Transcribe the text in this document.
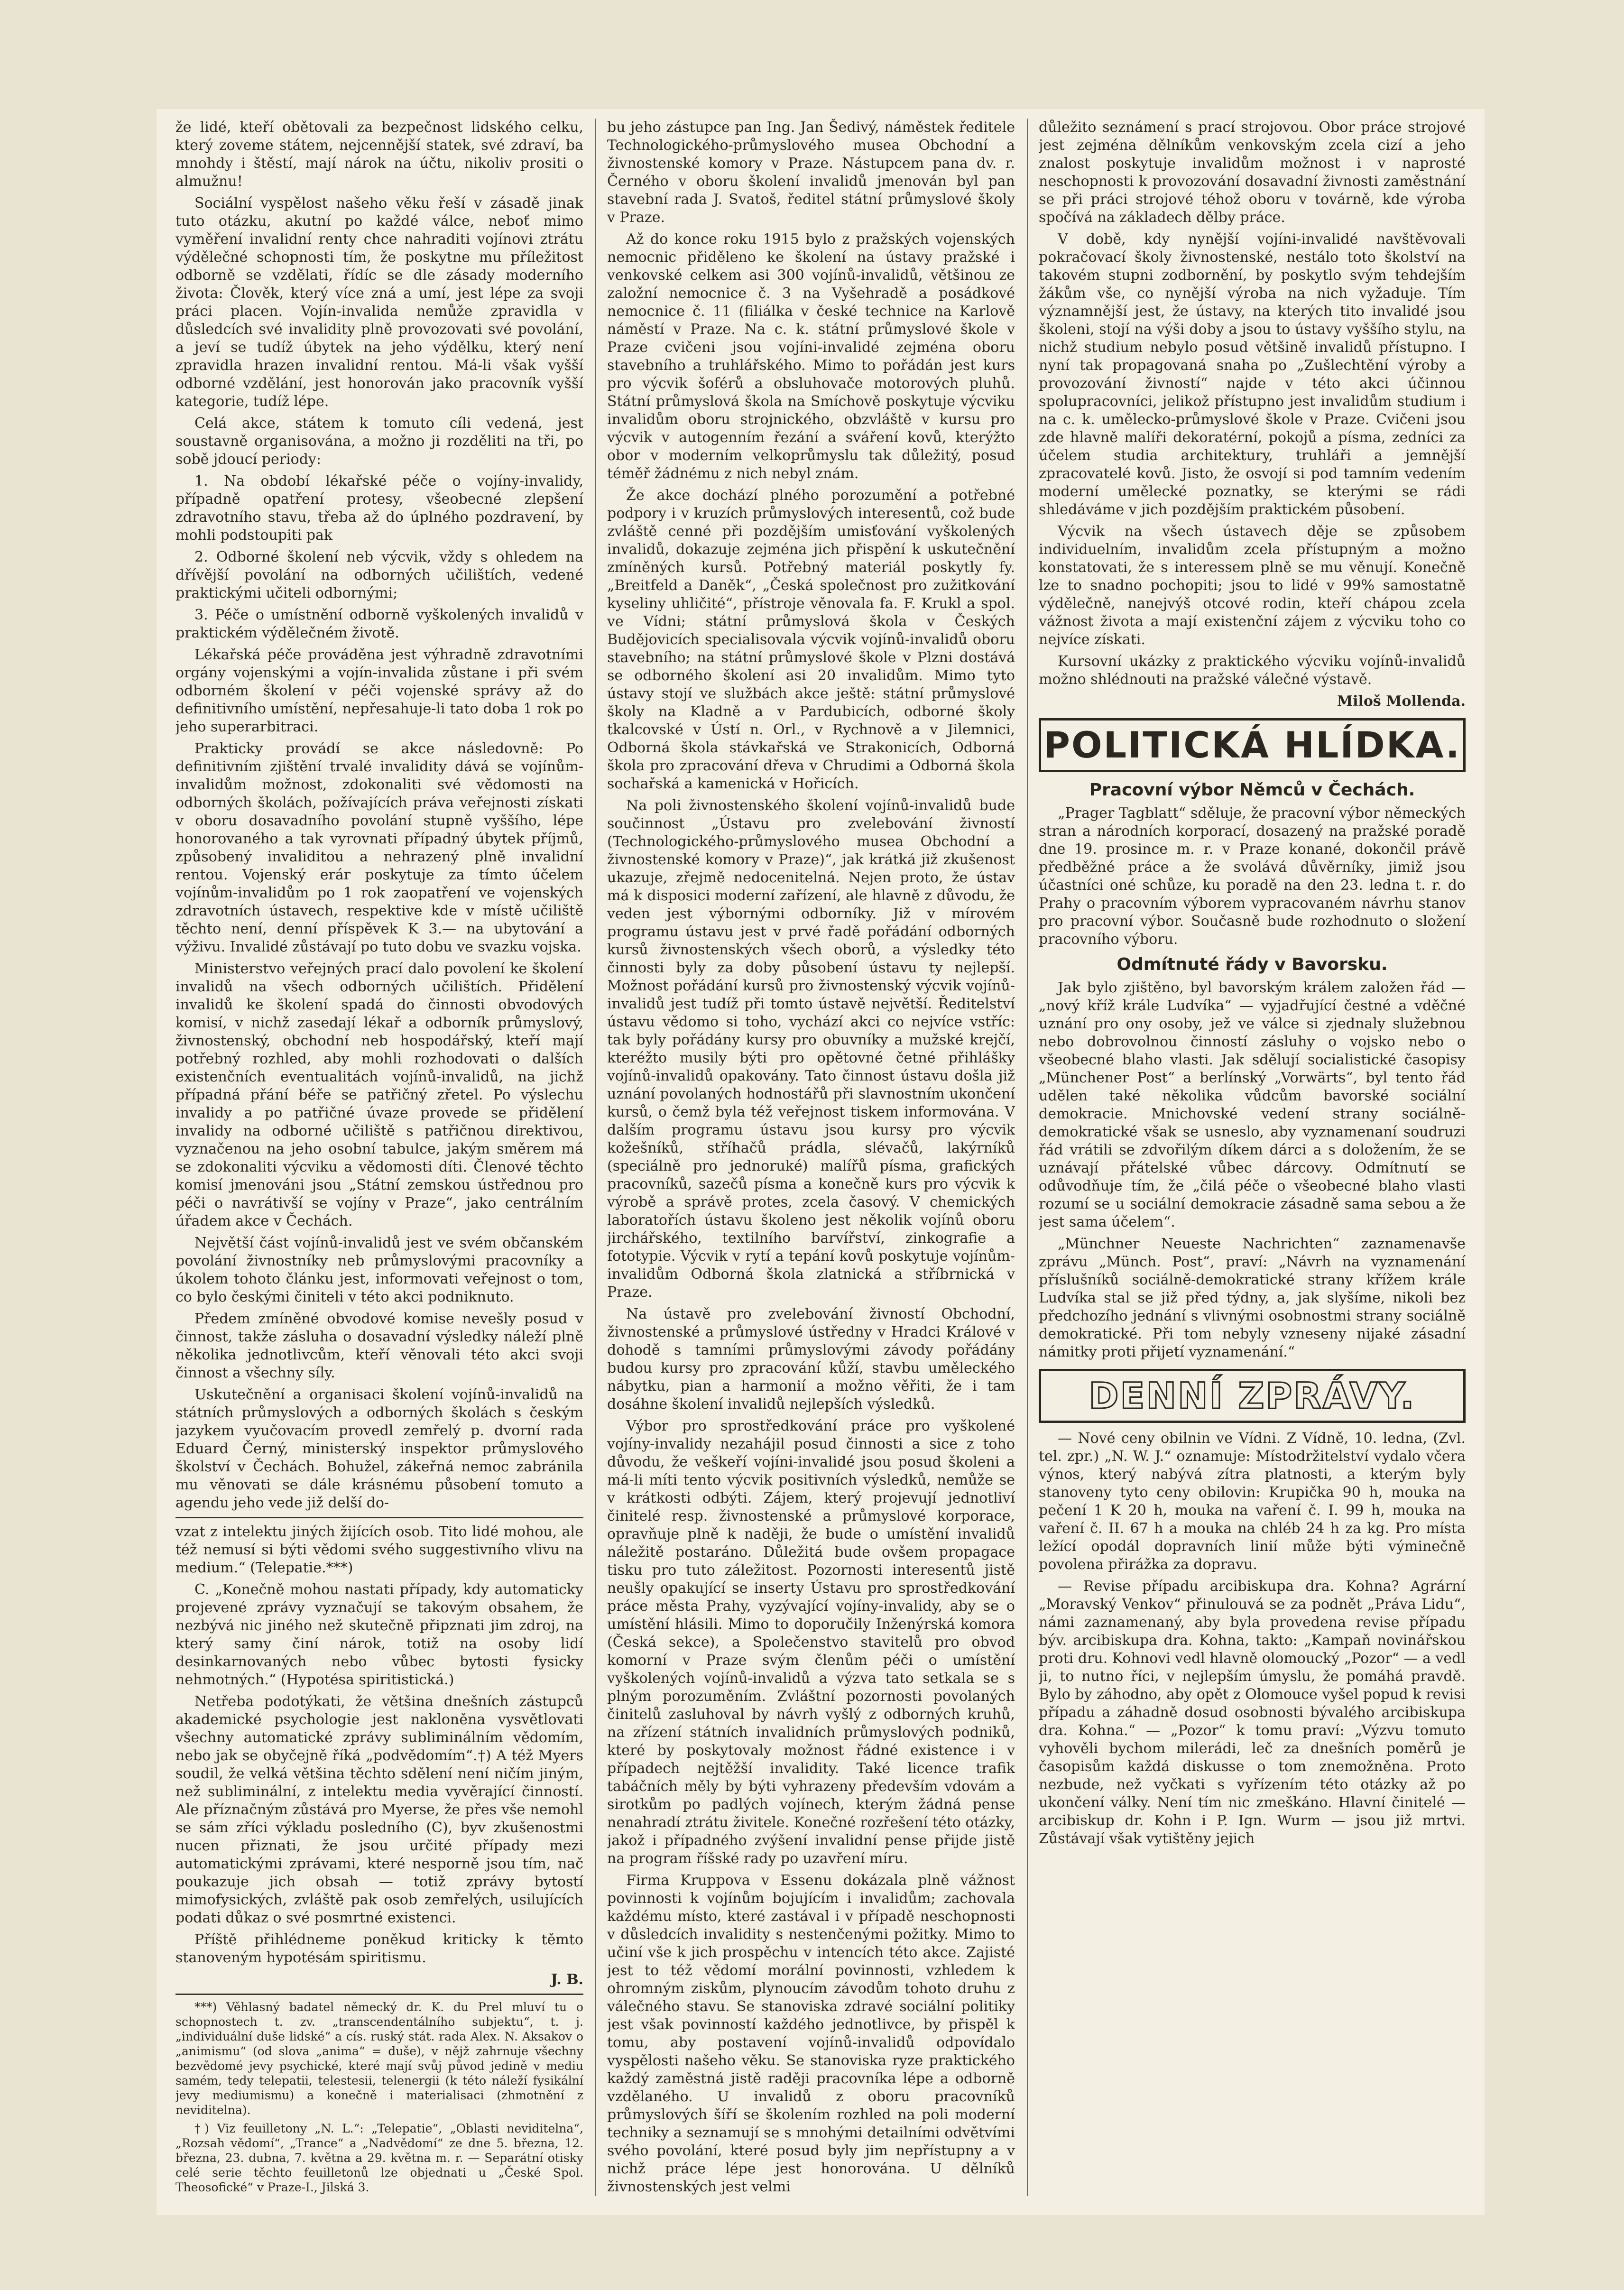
že lidé, kteří obětovali za bezpečnost lidského celku, který zoveme státem, nejcennější statek, své zdraví, ba mnohdy i štěstí, mají nárok na účtu, nikoliv prositi o almužnu!

Sociální vyspělost našeho věku řeší v zásadě jinak tuto otázku, akutní po každé válce, neboť mimo vyměření invalidní renty chce nahraditi vojínovi ztrátu výdělečné schopnosti tím, že poskytne mu příležitost odborně se vzdělati, řídíc se dle zásady moderního života: Člověk, který více zná a umí, jest lépe za svoji práci placen. Vojín-invalida nemůže zpravidla v důsledcích své invalidity plně provozovati své povolání, a jeví se tudíž úbytek na jeho výdělku, který není zpravidla hrazen invalidní rentou. Má-li však vyšší odborné vzdělání, jest honorován jako pracovník vyšší kategorie, tudíž lépe.

Celá akce, státem k tomuto cíli vedená, jest soustavně organisována, a možno ji rozděliti na tři, po sobě jdoucí periody:

1. Na období lékařské péče o vojíny-invalidy, případně opatření protesy, všeobecné zlepšení zdravotního stavu, třeba až do úplného pozdravení, by mohli podstoupiti pak

2. Odborné školení neb výcvik, vždy s ohledem na dřívější povolání na odborných učilištích, vedené praktickými učiteli odbornými;

3. Péče o umístnění odborně vyškolených invalidů v praktickém výdělečném životě.

Lékařská péče prováděna jest výhradně zdravotními orgány vojenskými a vojín-invalida zůstane i při svém odborném školení v péči vojenské správy až do definitivního umístění, nepřesahuje-li tato doba 1 rok po jeho superarbitraci.

Prakticky provádí se akce následovně: Po definitivním zjištění trvalé invalidity dává se vojínům-invalidům možnost, zdokonaliti své vědomosti na odborných školách, požívajících práva veřejnosti získati v oboru dosavadního povolání stupně vyššího, lépe honorovaného a tak vyrovnati případný úbytek příjmů, způsobený invaliditou a nehrazený plně invalidní rentou. Vojenský erár poskytuje za tímto účelem vojínům-invalidům po 1 rok zaopatření ve vojenských zdravotních ústavech, respektive kde v místě učiliště těchto není, denní příspěvek K 3.— na ubytování a výživu. Invalidé zůstávají po tuto dobu ve svazku vojska.

Ministerstvo veřejných prací dalo povolení ke školení invalidů na všech odborných učilištích. Přidělení invalidů ke školení spadá do činnosti obvodových komisí, v nichž zasedají lékař a odborník průmyslový, živnostenský, obchodní neb hospodářský, kteří mají potřebný rozhled, aby mohli rozhodovati o dalších existenčních eventualitách vojínů-invalidů, na jichž případná přání béře se patřičný zřetel. Po výslechu invalidy a po patřičné úvaze provede se přidělení invalidy na odborné učiliště s patřičnou direktivou, vyznačenou na jeho osobní tabulce, jakým směrem má se zdokonaliti výcviku a vědomosti díti. Členové těchto komisí jmenováni jsou „Státní zemskou ústřednou pro péči o navrátivší se vojíny v Praze“, jako centrálním úřadem akce v Čechách.

Největší část vojínů-invalidů jest ve svém občanském povolání živnostníky neb průmyslovými pracovníky a úkolem tohoto článku jest, informovati veřejnost o tom, co bylo českými činiteli v této akci podniknuto.

Předem zmíněné obvodové komise nevešly posud v činnost, takže zásluha o dosavadní výsledky náleží plně několika jednotlivcům, kteří věnovali této akci svoji činnost a všechny síly.

Uskutečnění a organisaci školení vojínů-invalidů na státních průmyslových a odborných školách s českým jazykem vyučovacím provedl zemřelý p. dvorní rada Eduard Černý, ministerský inspektor průmyslového školství v Čechách. Bohužel, zákeřná nemoc zabránila mu věnovati se dále krásnému působení tomuto a agendu jeho vede již delší do-

vzat z intelektu jiných žijících osob. Tito lidé mohou, ale též nemusí si býti vědomi svého suggestivního vlivu na medium.“ (Telepatie.***)

C. „Konečně mohou nastati případy, kdy automaticky projevené zprávy vyznačují se takovým obsahem, že nezbývá nic jiného než skutečně připznati jim zdroj, na který samy činí nárok, totiž na osoby lidí desinkarnovaných nebo vůbec bytosti fysicky nehmotných.“ (Hypotésa spiritistická.)

Netřeba podotýkati, že většina dnešních zástupců akademické psychologie jest nakloněna vysvětlovati všechny automatické zprávy subliminálním vědomím, nebo jak se obyčejně říká „podvědomím“.†) A též Myers soudil, že velká většina těchto sdělení není ničím jiným, než subliminální, z intelektu media vyvěrající činností. Ale příznačným zůstává pro Myerse, že přes vše nemohl se sám zříci výkladu posledního (C), byv zkušenostmi nucen přiznati, že jsou určité případy mezi automatickými zprávami, které nesporně jsou tím, nač poukazuje jich obsah — totiž zprávy bytostí mimofysických, zvláště pak osob zemřelých, usilujících podati důkaz o své posmrtné existenci.

Příště přihlédneme poněkud kriticky k těmto stanoveným hypotésám spiritismu.

J. B.

***) Věhlasný badatel německý dr. K. du Prel mluví tu o schopnostech t. zv. „transcendentálního subjektu“, t. j. „individuální duše lidské“ a cís. ruský stát. rada Alex. N. Aksakov o „animismu“ (od slova „anima“ = duše), v nějž zahrnuje všechny bezvědomé jevy psychické, které mají svůj původ jedině v mediu samém, tedy telepatii, telestesii, telenergii (k této náleží fysikální jevy mediumismu) a konečně i materialisaci (zhmotnění z neviditelna).

†) Viz feuilletony „N. L.“: „Telepatie“, „Oblasti neviditelna“, „Rozsah vědomí“, „Trance“ a „Nadvědomí“ ze dne 5. března, 12. března, 23. dubna, 7. května a 29. května m. r. — Separátní otisky celé serie těchto feuilletonů lze objednati u „České Spol. Theosofické“ v Praze-I., Jilská 3.

bu jeho zástupce pan Ing. Jan Šedivý, náměstek ředitele Technologického-průmyslového musea Obchodní a živnostenské komory v Praze. Nástupcem pana dv. r. Černého v oboru školení invalidů jmenován byl pan stavební rada J. Svatoš, ředitel státní průmyslové školy v Praze.

Až do konce roku 1915 bylo z pražských vojenských nemocnic přiděleno ke školení na ústavy pražské i venkovské celkem asi 300 vojínů-invalidů, většinou ze založní nemocnice č. 3 na Vyšehradě a posádkové nemocnice č. 11 (filiálka v české technice na Karlově náměstí v Praze. Na c. k. státní průmyslové škole v Praze cvičeni jsou vojíni-invalidé zejména oboru stavebního a truhlářského. Mimo to pořádán jest kurs pro výcvik šoférů a obsluhovače motorových pluhů. Státní průmyslová škola na Smíchově poskytuje výcviku invalidům oboru strojnického, obzvláště v kursu pro výcvik v autogenním řezání a sváření kovů, kterýžto obor v moderním velkoprůmyslu tak důležitý, posud téměř žádnému z nich nebyl znám.

Že akce dochází plného porozumění a potřebné podpory i v kruzích průmyslových interesentů, což bude zvláště cenné při pozdějším umisťování vyškolených invalidů, dokazuje zejména jich přispění k uskutečnění zmíněných kursů. Potřebný materiál poskytly fy. „Breitfeld a Daněk“, „Česká společnost pro zužitkování kyseliny uhličité“, přístroje věnovala fa. F. Krukl a spol. ve Vídni; státní průmyslová škola v Českých Budějovicích specialisovala výcvik vojínů-invalidů oboru stavebního; na státní průmyslové škole v Plzni dostává se odborného školení asi 20 invalidům. Mimo tyto ústavy stojí ve službách akce ještě: státní průmyslové školy na Kladně a v Pardubicích, odborné školy tkalcovské v Ústí n. Orl., v Rychnově a v Jilemnici, Odborná škola stávkařská ve Strakonicích, Odborná škola pro zpracování dřeva v Chrudimi a Odborná škola sochařská a kamenická v Hořicích.

Na poli živnostenského školení vojínů-invalidů bude součinnost „Ústavu pro zvelebování živností (Technologického-průmyslového musea Obchodní a živnostenské komory v Praze)“, jak krátká již zkušenost ukazuje, zřejmě nedocenitelná. Nejen proto, že ústav má k disposici moderní zařízení, ale hlavně z důvodu, že veden jest výbornými odborníky. Již v mírovém programu ústavu jest v prvé řadě pořádání odborných kursů živnostenských všech oborů, a výsledky této činnosti byly za doby působení ústavu ty nejlepší. Možnost pořádání kursů pro živnostenský výcvik vojínů-invalidů jest tudíž při tomto ústavě největší. Ředitelství ústavu vědomo si toho, vychází akci co nejvíce vstříc: tak byly pořádány kursy pro obuvníky a mužské krejčí, kteréžto musily býti pro opětovné četné přihlášky vojínů-invalidů opakovány. Tato činnost ústavu došla již uznání povolaných hodnostářů při slavnostním ukončení kursů, o čemž byla též veřejnost tiskem informována. V dalším programu ústavu jsou kursy pro výcvik kožešníků, stříhačů prádla, slévačů, lakýrníků (speciálně pro jednoruké) malířů písma, grafických pracovníků, sazečů písma a konečně kurs pro výcvik k výrobě a správě protes, zcela časový. V chemických laboratořích ústavu školeno jest několik vojínů oboru jirchářského, textilního barvířství, zinkografie a fototypie. Výcvik v rytí a tepání kovů poskytuje vojínům-invalidům Odborná škola zlatnická a stříbrnická v Praze.

Na ústavě pro zvelebování živností Obchodní, živnostenské a průmyslové ústředny v Hradci Králové v dohodě s tamními průmyslovými závody pořádány budou kursy pro zpracování kůží, stavbu uměleckého nábytku, pian a harmonií a možno věřiti, že i tam dosáhne školení invalidů nejlepších výsledků.

Výbor pro sprostředkování práce pro vyškolené vojíny-invalidy nezahájil posud činnosti a sice z toho důvodu, že veškeří vojíni-invalidé jsou posud školeni a má-li míti tento výcvik positivních výsledků, nemůže se v krátkosti odbýti. Zájem, který projevují jednotliví činitelé resp. živnostenské a průmyslové korporace, opravňuje plně k naději, že bude o umístění invalidů náležitě postaráno. Důležitá bude ovšem propagace tisku pro tuto záležitost. Pozornosti interesentů jistě neušly opakující se inserty Ústavu pro sprostředkování práce města Prahy, vyzývající vojíny-invalidy, aby se o umístění hlásili. Mimo to doporučily Inženýrská komora (Česká sekce), a Společenstvo stavitelů pro obvod komorní v Praze svým členům péči o umístění vyškolených vojínů-invalidů a výzva tato setkala se s plným porozuměním. Zvláštní pozornosti povolaných činitelů zasluhoval by návrh vyšlý z odborných kruhů, na zřízení státních invalidních průmyslových podniků, které by poskytovaly možnost řádné existence i v případech nejtěžší invalidity. Také licence trafik tabáčních měly by býti vyhrazeny především vdovám a sirotkům po padlých vojínech, kterým žádná pense nenahradí ztrátu živitele. Konečné rozřešení této otázky, jakož i případného zvýšení invalidní pense přijde jistě na program říšské rady po uzavření míru.

Firma Kruppova v Essenu dokázala plně vážnost povinnosti k vojínům bojujícím i invalidům; zachovala každému místo, které zastával i v případě neschopnosti v důsledcích invalidity s nestenčenými požitky. Mimo to učiní vše k jich prospěchu v intencích této akce. Zajisté jest to též vědomí morální povinnosti, vzhledem k ohromným ziskům, plynoucím závodům tohoto druhu z válečného stavu. Se stanoviska zdravé sociální politiky jest však povinností každého jednotlivce, by přispěl k tomu, aby postavení vojínů-invalidů odpovídalo vyspělosti našeho věku. Se stanoviska ryze praktického každý zaměstná jistě raději pracovníka lépe a odborně vzdělaného. U invalidů z oboru pracovníků průmyslových šíří se školením rozhled na poli moderní techniky a seznamují se s mnohými detailními odvětvími svého povolání, které posud byly jim nepřístupny a v nichž práce lépe jest honorována. U dělníků živnostenských jest velmi

důležito seznámení s prací strojovou. Obor práce strojové jest zejména dělníkům venkovským zcela cizí a jeho znalost poskytuje invalidům možnost i v naprosté neschopnosti k provozování dosavadní živnosti zaměstnání se při práci strojové téhož oboru v továrně, kde výroba spočívá na základech dělby práce.

V době, kdy nynější vojíni-invalidé navštěvovali pokračovací školy živnostenské, nestálo toto školství na takovém stupni zodbornění, by poskytlo svým tehdejším žákům vše, co nynější výroba na nich vyžaduje. Tím významnější jest, že ústavy, na kterých tito invalidé jsou školeni, stojí na výši doby a jsou to ústavy vyššího stylu, na nichž studium nebylo posud většině invalidů přístupno. I nyní tak propagovaná snaha po „Zušlechtění výroby a provozování živností“ najde v této akci účinnou spolupracovníci, jelikož přístupno jest invalidům studium i na c. k. umělecko-průmyslové škole v Praze. Cvičeni jsou zde hlavně malíři dekoratérní, pokojů a písma, zedníci za účelem studia architektury, truhláři a jemnější zpracovatelé kovů. Jisto, že osvojí si pod tamním vedením moderní umělecké poznatky, se kterými se rádi shledáváme v jich pozdějším praktickém působení.

Výcvik na všech ústavech děje se způsobem individuelním, invalidům zcela přístupným a možno konstatovati, že s interessem plně se mu věnují. Konečně lze to snadno pochopiti; jsou to lidé v 99% samostatně výdělečně, nanejvýš otcové rodin, kteří chápou zcela vážnost života a mají existenční zájem z výcviku toho co nejvíce získati.

Kursovní ukázky z praktického výcviku vojínů-invalidů možno shlédnouti na pražské válečné výstavě.

Miloš Mollenda.
POLITICKÁ HLÍDKA.
Pracovní výbor Němců v Čechách.

„Prager Tagblatt“ sděluje, že pracovní výbor německých stran a národních korporací, dosazený na pražské poradě dne 19. prosince m. r. v Praze konané, dokončil právě předběžné práce a že svolává důvěrníky, jimiž jsou účastníci oné schůze, ku poradě na den 23. ledna t. r. do Prahy o pracovním výborem vypracovaném návrhu stanov pro pracovní výbor. Současně bude rozhodnuto o složení pracovního výboru.

Odmítnuté řády v Bavorsku.

Jak bylo zjištěno, byl bavorským králem založen řád — „nový kříž krále Ludvíka“ — vyjadřující čestné a vděčné uznání pro ony osoby, jež ve válce si zjednaly služebnou nebo dobrovolnou činností zásluhy o vojsko nebo o všeobecné blaho vlasti. Jak sdělují socialistické časopisy „Münchener Post“ a berlínský „Vorwärts“, byl tento řád udělen také několika vůdcům bavorské sociální demokracie. Mnichovské vedení strany sociálně-demokratické však se usneslo, aby vyznamenaní soudruzi řád vrátili se zdvořilým díkem dárci a s doložením, že se uznávají přátelské vůbec dárcovy. Odmítnutí se odůvodňuje tím, že „čilá péče o všeobecné blaho vlasti rozumí se u sociální demokracie zásadně sama sebou a že jest sama účelem“.

„Münchner Neueste Nachrichten“ zaznamenavše zprávu „Münch. Post“, praví: „Návrh na vyznamenání příslušníků sociálně-demokratické strany křížem krále Ludvíka stal se již před týdny, a, jak slyšíme, nikoli bez předchozího jednání s vlivnými osobnostmi strany sociálně demokratické. Při tom nebyly vzneseny nijaké zásadní námitky proti přijetí vyznamenání.“

DENNÍ ZPRÁVY.

— Nové ceny obilnin ve Vídni. Z Vídně, 10. ledna, (Zvl. tel. zpr.) „N. W. J.“ oznamuje: Místodržitelství vydalo včera výnos, který nabývá zítra platnosti, a kterým byly stanoveny tyto ceny obilovin: Krupička 90 h, mouka na pečení 1 K 20 h, mouka na vaření č. I. 99 h, mouka na vaření č. II. 67 h a mouka na chléb 24 h za kg. Pro místa ležící opodál dopravních linií může býti výminečně povolena přirážka za dopravu.

— Revise případu arcibiskupa dra. Kohna? Agrární „Moravský Venkov“ přinulouvá se za podnět „Práva Lidu“, námi zaznamenaný, aby byla provedena revise případu býv. arcibiskupa dra. Kohna, takto: „Kampaň novinářskou proti dru. Kohnovi vedl hlavně olomoucký „Pozor“ — a vedl ji, to nutno říci, v nejlepším úmyslu, že pomáhá pravdě. Bylo by záhodno, aby opět z Olomouce vyšel popud k revisi případu a záhadně dosud osobnosti bývalého arcibiskupa dra. Kohna.“ — „Pozor“ k tomu praví: „Výzvu tomuto vyhověli bychom milerádi, leč za dnešních poměrů je časopisům každá diskusse o tom znemožněna. Proto nezbude, než vyčkati s vyřízením této otázky až po ukončení války. Není tím nic zmeškáno. Hlavní činitelé — arcibiskup dr. Kohn i P. Ign. Wurm — jsou již mrtvi. Zůstávají však vytištěny jejich
